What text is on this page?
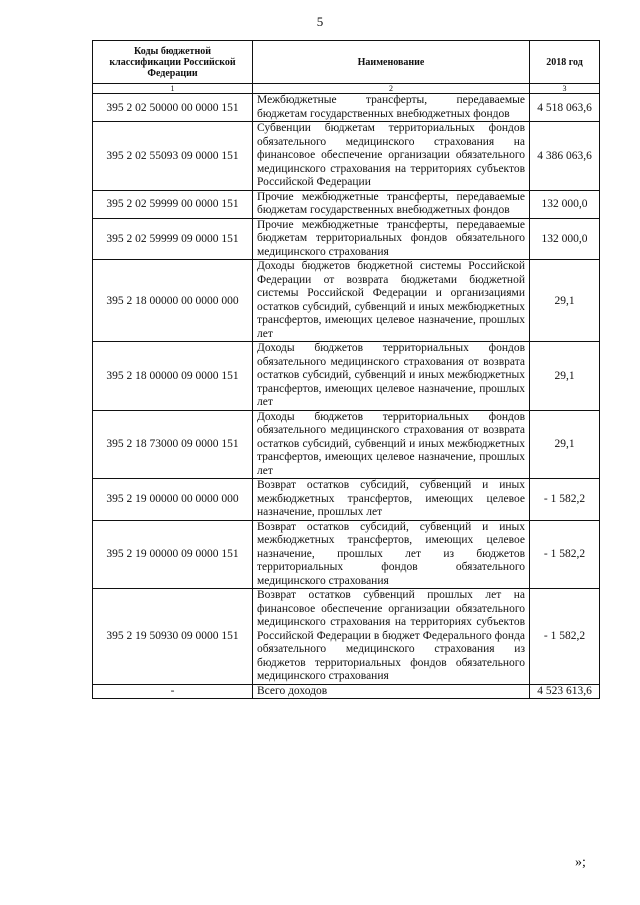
5
Коды бюджетной классификации Российской Федерации	Наименование	2018 год
1	2	3
395 2 02 50000 00 0000 151	Межбюджетные трансферты, передаваемые бюджетам государственных внебюджетных фондов	4 518 063,6
395 2 02 55093 09 0000 151	Субвенции бюджетам территориальных фондов обязательного медицинского страхования на финансовое обеспечение организации обязательного медицинского страхования на территориях субъектов Российской Федерации	4 386 063,6
395 2 02 59999 00 0000 151	Прочие межбюджетные трансферты, передаваемые бюджетам государственных внебюджетных фондов	132 000,0
395 2 02 59999 09 0000 151	Прочие межбюджетные трансферты, передаваемые бюджетам территориальных фондов обязательного медицинского страхования	132 000,0
395 2 18 00000 00 0000 000	Доходы бюджетов бюджетной системы Российской Федерации от возврата бюджетами бюджетной системы Российской Федерации и организациями остатков субсидий, субвенций и иных межбюджетных трансфертов, имеющих целевое назначение, прошлых лет	29,1
395 2 18 00000 09 0000 151	Доходы бюджетов территориальных фондов обязательного медицинского страхования от возврата остатков субсидий, субвенций и иных межбюджетных трансфертов, имеющих целевое назначение, прошлых лет	29,1
395 2 18 73000 09 0000 151	Доходы бюджетов территориальных фондов обязательного медицинского страхования от возврата остатков субсидий, субвенций и иных межбюджетных трансфертов, имеющих целевое назначение, прошлых лет	29,1
395 2 19 00000 00 0000 000	Возврат остатков субсидий, субвенций и иных межбюджетных трансфертов, имеющих целевое назначение, прошлых лет	- 1 582,2
395 2 19 00000 09 0000 151	Возврат остатков субсидий, субвенций и иных межбюджетных трансфертов, имеющих целевое назначение, прошлых лет из бюджетов территориальных фондов обязательного медицинского страхования	- 1 582,2
395 2 19 50930 09 0000 151	Возврат остатков субвенций прошлых лет на финансовое обеспечение организации обязательного медицинского страхования на территориях субъектов Российской Федерации в бюджет Федерального фонда обязательного медицинского страхования из бюджетов территориальных фондов обязательного медицинского страхования	- 1 582,2
-	Всего доходов	4 523 613,6
»;
